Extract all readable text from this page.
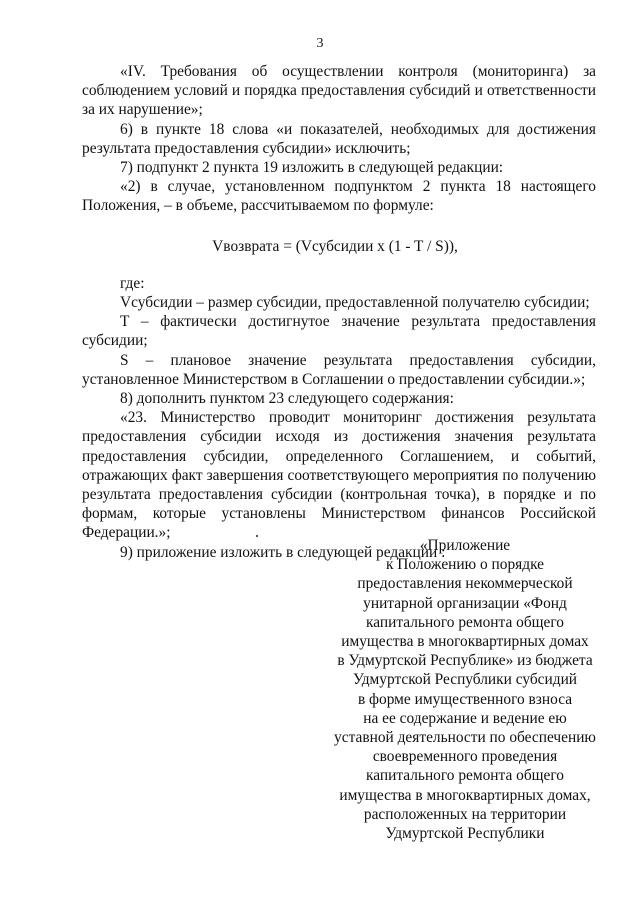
3

«IV. Требования об осуществлении контроля (мониторинга) за соблюдением условий и порядка предоставления субсидий и ответственности за их нарушение»;

6) в пункте 18 слова «и показателей, необходимых для достижения результата предоставления субсидии» исключить;

7) подпункт 2 пункта 19 изложить в следующей редакции:

«2) в случае, установленном подпунктом 2 пункта 18 настоящего Положения, – в объеме, рассчитываемом по формуле:

Vвозврата = (Vсубсидии x (1 - T / S)),

где:

Vсубсидии – размер субсидии, предоставленной получателю субсидии;

T – фактически достигнутое значение результата предоставления субсидии;

S – плановое значение результата предоставления субсидии, установленное Министерством в Соглашении о предоставлении субсидии.»;

8) дополнить пунктом 23 следующего содержания:

«23. Министерство проводит мониторинг достижения результата предоставления субсидии исходя из достижения значения результата предоставления субсидии, определенного Соглашением, и событий, отражающих факт завершения соответствующего мероприятия по получению результата предоставления субсидии (контрольная точка), в порядке и по формам, которые установлены Министерством финансов Российской Федерации.»;

9) приложение изложить в следующей редакции :

«Приложение
к Положению о порядке
предоставления некоммерческой
унитарной организации «Фонд
капитального ремонта общего
имущества в многоквартирных домах
в Удмуртской Республике» из бюджета
Удмуртской Республики субсидий
в форме имущественного взноса
на ее содержание и ведение ею
уставной деятельности по обеспечению
своевременного проведения
капитального ремонта общего
имущества в многоквартирных домах,
расположенных на территории
Удмуртской Республики
